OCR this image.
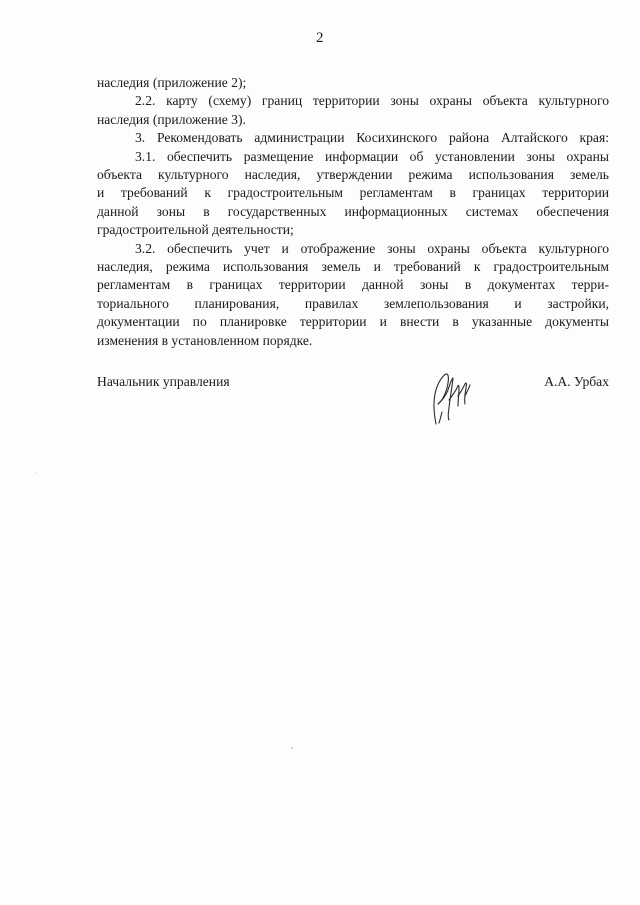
2
наследия (приложение 2);
2.2. карту (схему) границ территории зоны охраны объекта культурного
наследия (приложение 3).
3. Рекомендовать администрации Косихинского района Алтайского края:
3.1. обеспечить размещение информации об установлении зоны охраны
объекта культурного наследия, утверждении режима использования земель
и требований к градостроительным регламентам в границах территории
данной зоны в государственных информационных системах обеспечения
градостроительной деятельности;
3.2. обеспечить учет и отображение зоны охраны объекта культурного
наследия, режима использования земель и требований к градостроительным
регламентам в границах территории данной зоны в документах терри-
ториального планирования, правилах землепользования и застройки,
документации по планировке территории и внести в указанные документы
изменения в установленном порядке.
Начальник управления	А.А. Урбах
